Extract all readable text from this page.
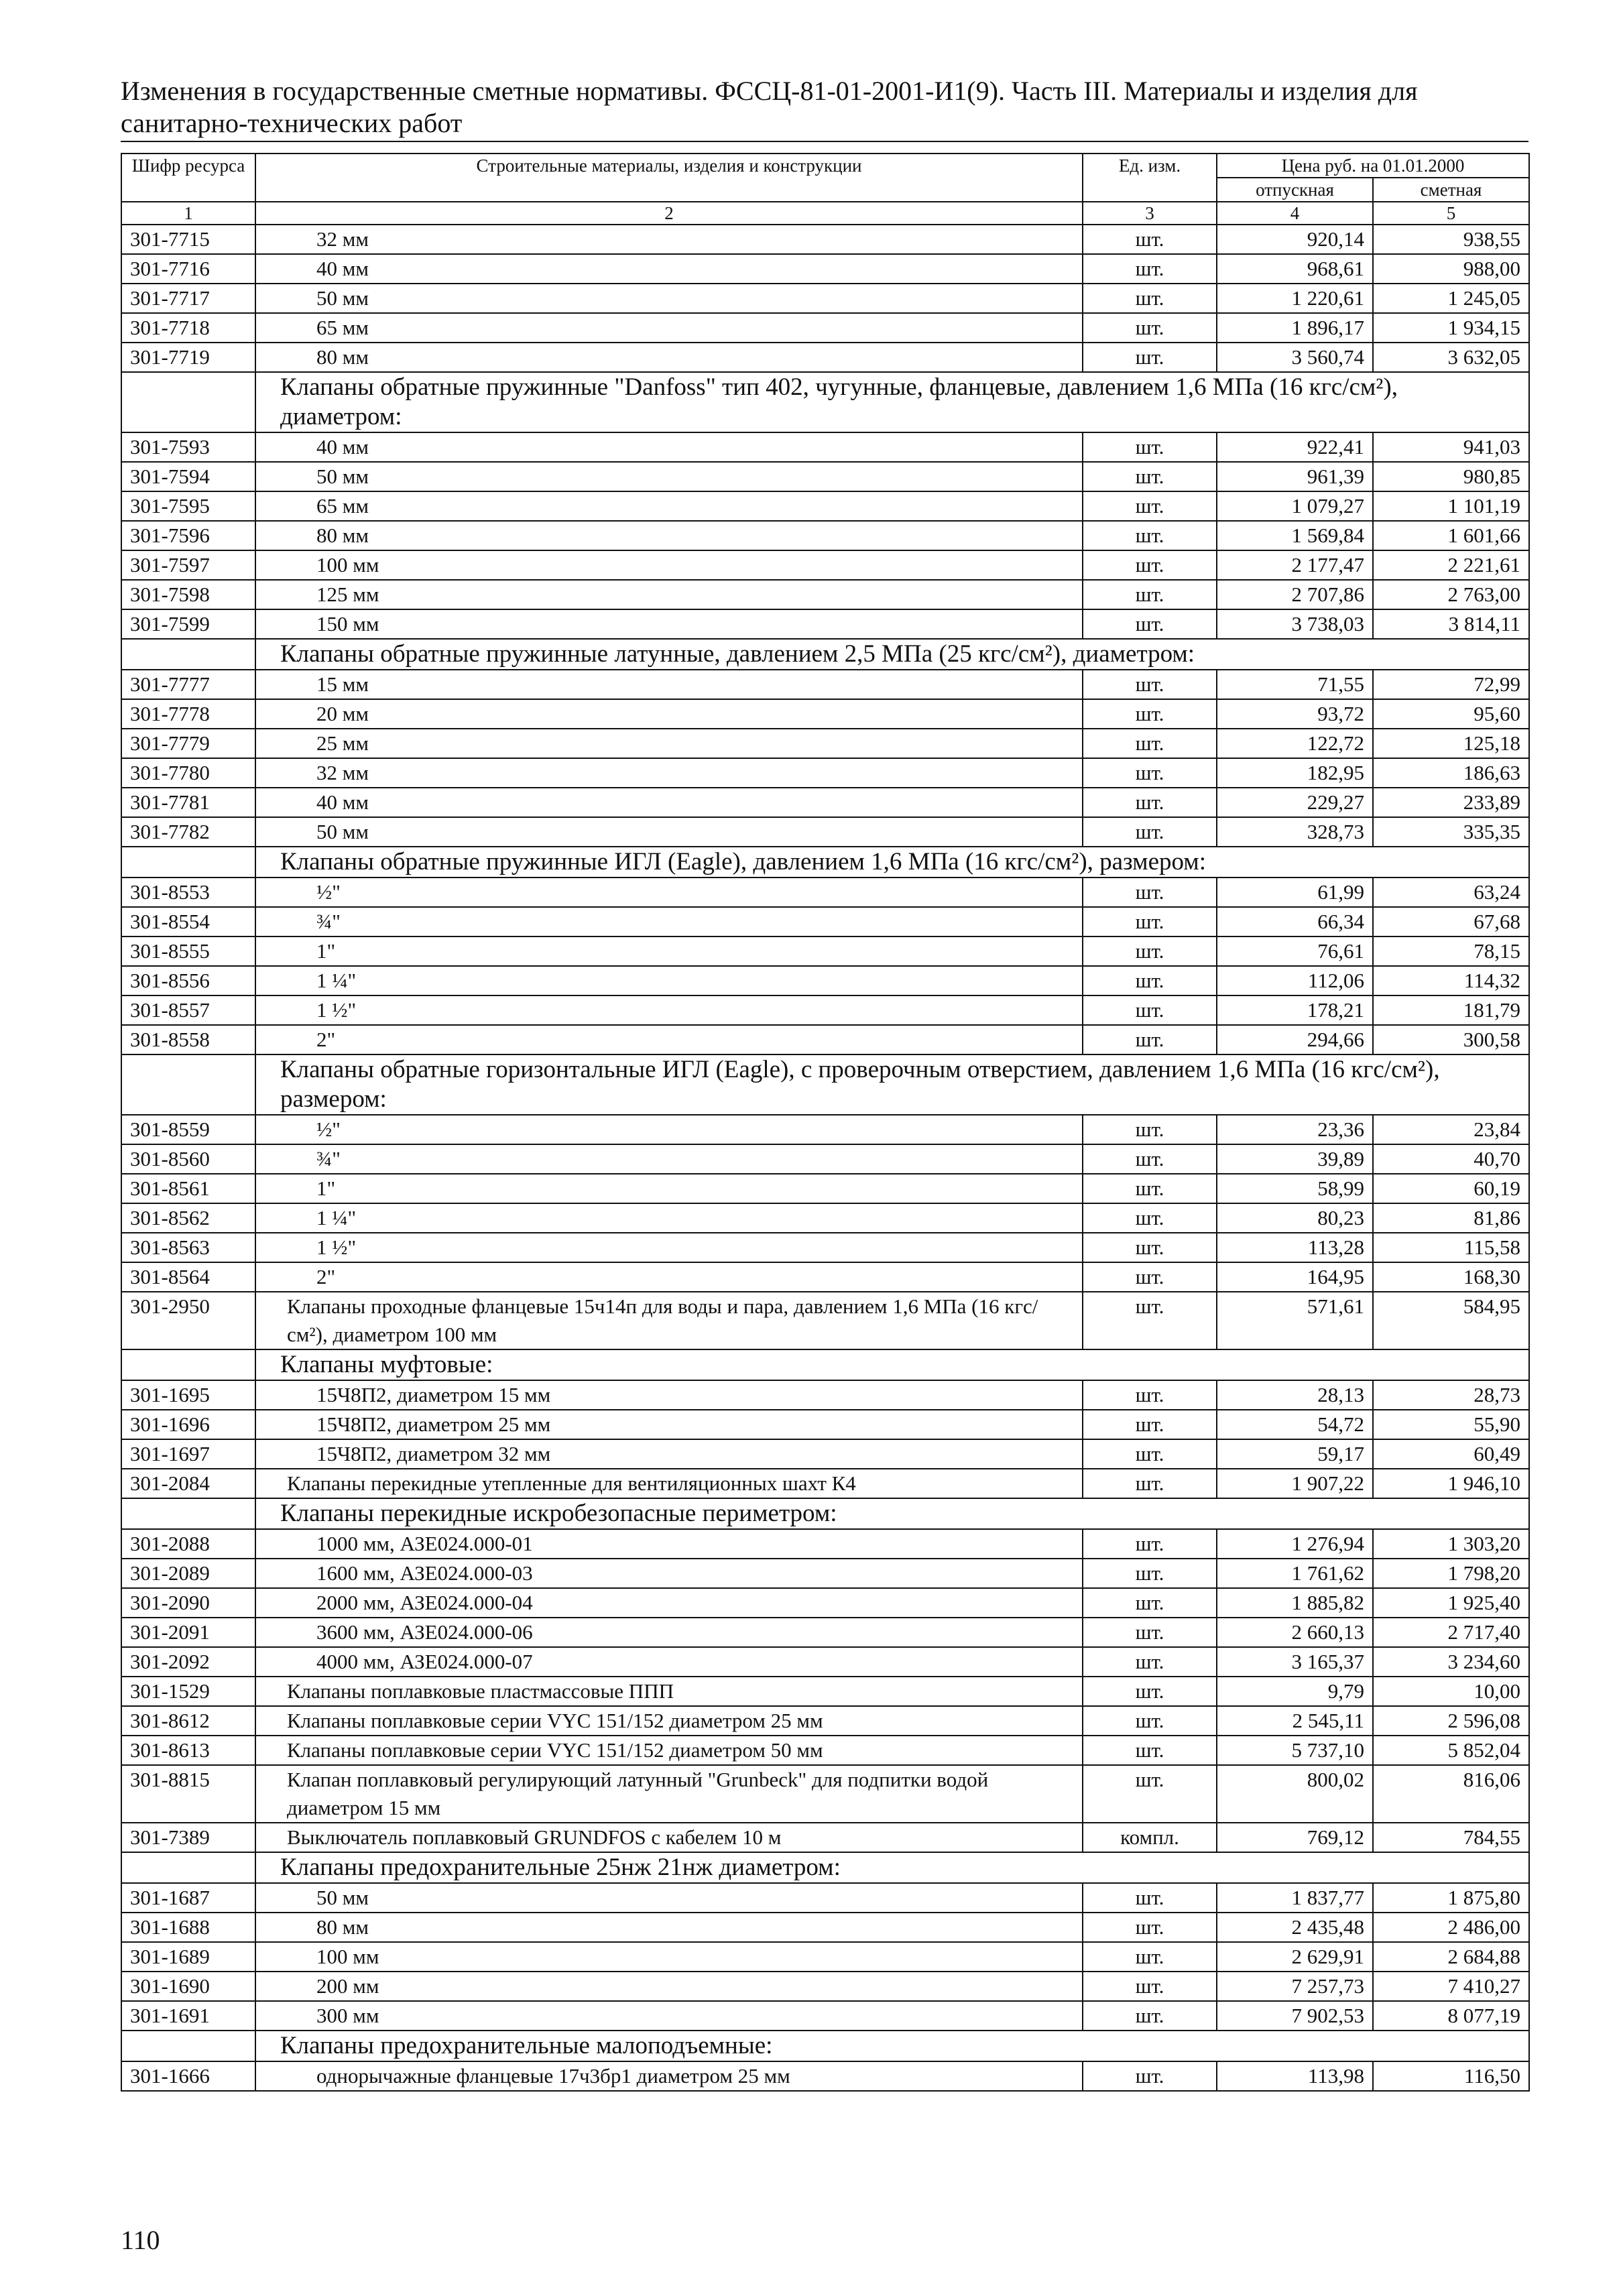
Изменения в государственные сметные нормативы. ФССЦ-81-01-2001-И1(9). Часть III. Материалы и изделия для
санитарно-технических работ
Шифр ресурса	Строительные материалы, изделия и конструкции	Ед. изм.	Цена руб. на 01.01.2000	
			отпускная	сметная
1	2	3	4	5
301-7715	32 мм	шт.	920,14	938,55
301-7716	40 мм	шт.	968,61	988,00
301-7717	50 мм	шт.	1 220,61	1 245,05
301-7718	65 мм	шт.	1 896,17	1 934,15
301-7719	80 мм	шт.	3 560,74	3 632,05
	Клапаны обратные пружинные "Danfoss" тип 402, чугунные, фланцевые, давлением 1,6 МПа (16 кгс/см²), диаметром:			
301-7593	40 мм	шт.	922,41	941,03
301-7594	50 мм	шт.	961,39	980,85
301-7595	65 мм	шт.	1 079,27	1 101,19
301-7596	80 мм	шт.	1 569,84	1 601,66
301-7597	100 мм	шт.	2 177,47	2 221,61
301-7598	125 мм	шт.	2 707,86	2 763,00
301-7599	150 мм	шт.	3 738,03	3 814,11
	Клапаны обратные пружинные латунные, давлением 2,5 МПа (25 кгс/см²), диаметром:			
301-7777	15 мм	шт.	71,55	72,99
301-7778	20 мм	шт.	93,72	95,60
301-7779	25 мм	шт.	122,72	125,18
301-7780	32 мм	шт.	182,95	186,63
301-7781	40 мм	шт.	229,27	233,89
301-7782	50 мм	шт.	328,73	335,35
	Клапаны обратные пружинные ИГЛ (Eagle), давлением 1,6 МПа (16 кгс/см²), размером:			
301-8553	½"	шт.	61,99	63,24
301-8554	¾"	шт.	66,34	67,68
301-8555	1"	шт.	76,61	78,15
301-8556	1 ¼"	шт.	112,06	114,32
301-8557	1 ½"	шт.	178,21	181,79
301-8558	2"	шт.	294,66	300,58
	Клапаны обратные горизонтальные ИГЛ (Eagle), с проверочным отверстием, давлением 1,6 МПа (16 кгс/см²), размером:			
301-8559	½"	шт.	23,36	23,84
301-8560	¾"	шт.	39,89	40,70
301-8561	1"	шт.	58,99	60,19
301-8562	1 ¼"	шт.	80,23	81,86
301-8563	1 ½"	шт.	113,28	115,58
301-8564	2"	шт.	164,95	168,30
301-2950	Клапаны проходные фланцевые 15ч14п для воды и пара, давлением 1,6 МПа (16 кгс/см²), диаметром 100 мм	шт.	571,61	584,95
	Клапаны муфтовые:			
301-1695	15Ч8П2, диаметром 15 мм	шт.	28,13	28,73
301-1696	15Ч8П2, диаметром 25 мм	шт.	54,72	55,90
301-1697	15Ч8П2, диаметром 32 мм	шт.	59,17	60,49
301-2084	Клапаны перекидные утепленные для вентиляционных шахт К4	шт.	1 907,22	1 946,10
	Клапаны перекидные искробезопасные периметром:			
301-2088	1000 мм, АЗЕ024.000-01	шт.	1 276,94	1 303,20
301-2089	1600 мм, АЗЕ024.000-03	шт.	1 761,62	1 798,20
301-2090	2000 мм, АЗЕ024.000-04	шт.	1 885,82	1 925,40
301-2091	3600 мм, АЗЕ024.000-06	шт.	2 660,13	2 717,40
301-2092	4000 мм, АЗЕ024.000-07	шт.	3 165,37	3 234,60
301-1529	Клапаны поплавковые пластмассовые ППП	шт.	9,79	10,00
301-8612	Клапаны поплавковые серии VYC 151/152 диаметром 25 мм	шт.	2 545,11	2 596,08
301-8613	Клапаны поплавковые серии VYC 151/152 диаметром 50 мм	шт.	5 737,10	5 852,04
301-8815	Клапан поплавковый регулирующий латунный "Grunbeck" для подпитки водой диаметром 15 мм	шт.	800,02	816,06
301-7389	Выключатель поплавковый GRUNDFOS с кабелем 10 м	компл.	769,12	784,55
	Клапаны предохранительные 25нж 21нж диаметром:			
301-1687	50 мм	шт.	1 837,77	1 875,80
301-1688	80 мм	шт.	2 435,48	2 486,00
301-1689	100 мм	шт.	2 629,91	2 684,88
301-1690	200 мм	шт.	7 257,73	7 410,27
301-1691	300 мм	шт.	7 902,53	8 077,19
	Клапаны предохранительные малоподъемные:			
301-1666	однорычажные фланцевые 17ч3бр1 диаметром 25 мм	шт.	113,98	116,50
110
